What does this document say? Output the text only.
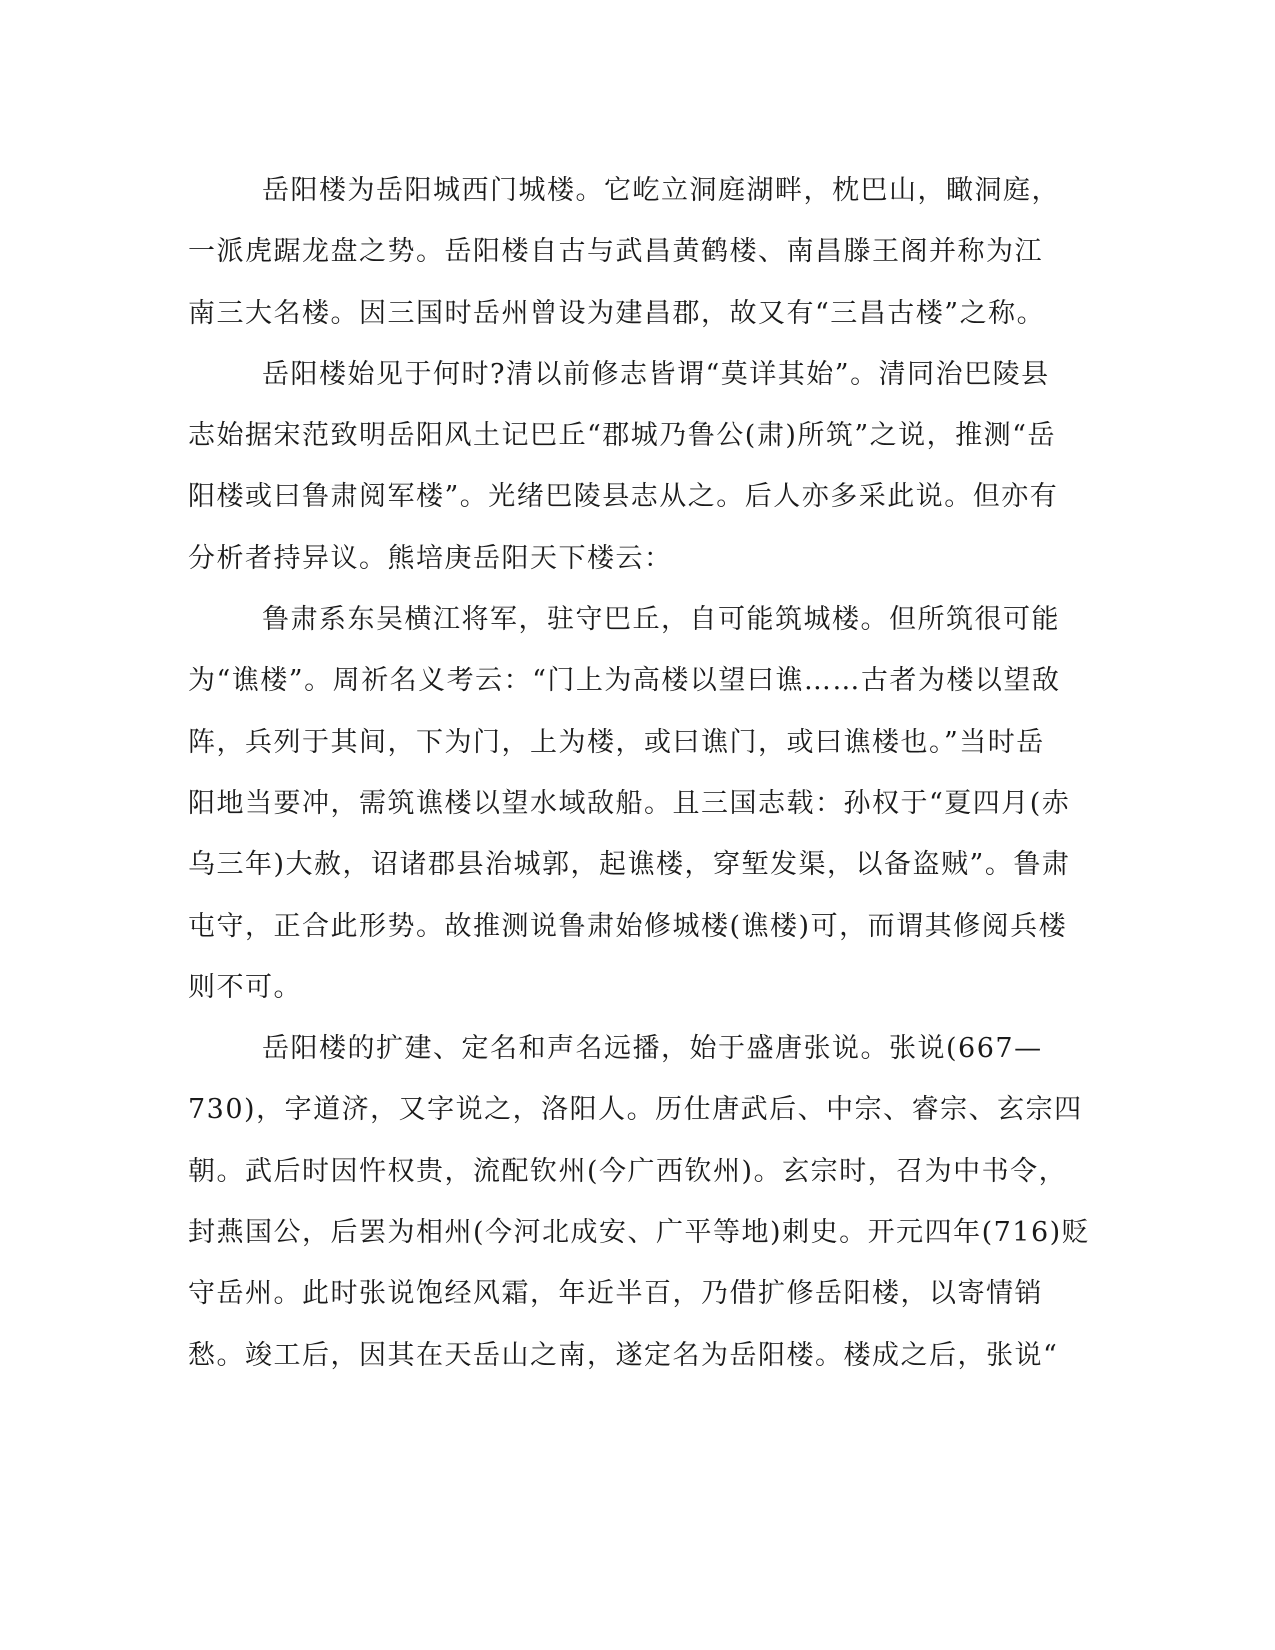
岳阳楼为岳阳城西门城楼。它屹立洞庭湖畔，枕巴山，瞰洞庭，
一派虎踞龙盘之势。岳阳楼自古与武昌黄鹤楼、南昌滕王阁并称为江
南三大名楼。因三国时岳州曾设为建昌郡，故又有“三昌古楼”之称。
岳阳楼始见于何时?清以前修志皆谓“莫详其始”。清同治巴陵县
志始据宋范致明岳阳风土记巴丘“郡城乃鲁公(肃)所筑”之说，推测“岳
阳楼或曰鲁肃阅军楼”。光绪巴陵县志从之。后人亦多采此说。但亦有
分析者持异议。熊培庚岳阳天下楼云：
鲁肃系东吴横江将军，驻守巴丘，自可能筑城楼。但所筑很可能
为“谯楼”。周祈名义考云：“门上为高楼以望曰谯……古者为楼以望敌
阵，兵列于其间，下为门，上为楼，或曰谯门，或曰谯楼也。”当时岳
阳地当要冲，需筑谯楼以望水域敌船。且三国志载：孙权于“夏四月(赤
乌三年)大赦，诏诸郡县治城郭，起谯楼，穿堑发渠，以备盗贼”。鲁肃
屯守，正合此形势。故推测说鲁肃始修城楼(谯楼)可，而谓其修阅兵楼
则不可。
岳阳楼的扩建、定名和声名远播，始于盛唐张说。张说(667—
730)，字道济，又字说之，洛阳人。历仕唐武后、中宗、睿宗、玄宗四
朝。武后时因忤权贵，流配钦州(今广西钦州)。玄宗时，召为中书令，
封燕国公，后罢为相州(今河北成安、广平等地)刺史。开元四年(716)贬
守岳州。此时张说饱经风霜，年近半百，乃借扩修岳阳楼，以寄情销
愁。竣工后，因其在天岳山之南，遂定名为岳阳楼。楼成之后，张说“
